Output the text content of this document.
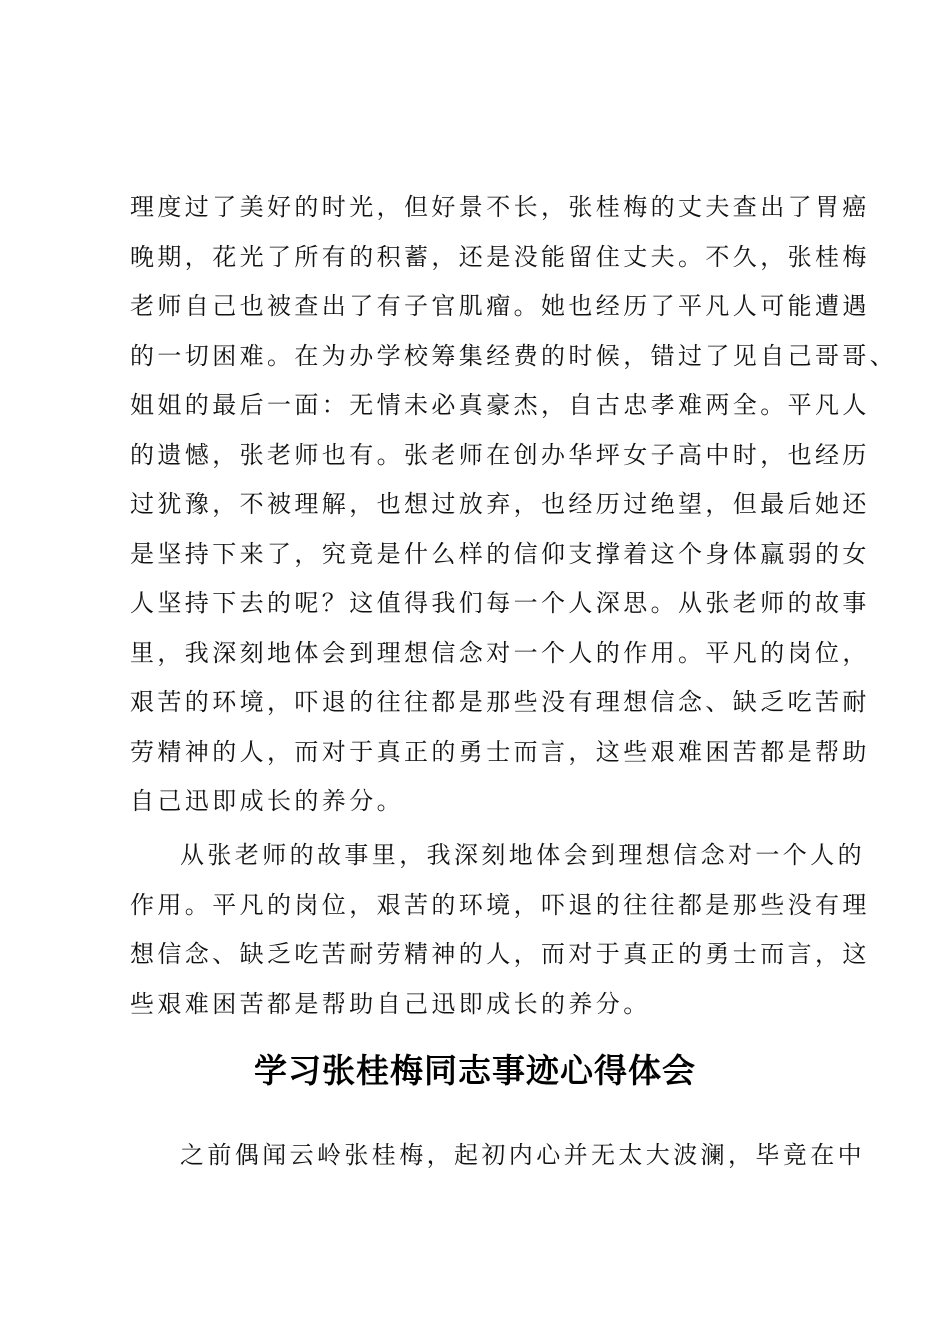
理度过了美好的时光，但好景不长，张桂梅的丈夫查出了胃癌
晚期，花光了所有的积蓄，还是没能留住丈夫。不久，张桂梅
老师自己也被查出了有子官肌瘤。她也经历了平凡人可能遭遇
的一切困难。在为办学校筹集经费的时候，错过了见自己哥哥、
姐姐的最后一面：无情未必真豪杰，自古忠孝难两全。平凡人
的遗憾，张老师也有。张老师在创办华坪女子高中时，也经历
过犹豫，不被理解，也想过放弃，也经历过绝望，但最后她还
是坚持下来了，究竟是什么样的信仰支撑着这个身体羸弱的女
人坚持下去的呢？这值得我们每一个人深思。从张老师的故事
里，我深刻地体会到理想信念对一个人的作用。平凡的岗位，
艰苦的环境，吓退的往往都是那些没有理想信念、缺乏吃苦耐
劳精神的人，而对于真正的勇士而言，这些艰难困苦都是帮助
自己迅即成长的养分。
从张老师的故事里，我深刻地体会到理想信念对一个人的
作用。平凡的岗位，艰苦的环境，吓退的往往都是那些没有理
想信念、缺乏吃苦耐劳精神的人，而对于真正的勇士而言，这
些艰难困苦都是帮助自己迅即成长的养分。
学习张桂梅同志事迹心得体会
之前偶闻云岭张桂梅，起初内心并无太大波澜，毕竟在中
